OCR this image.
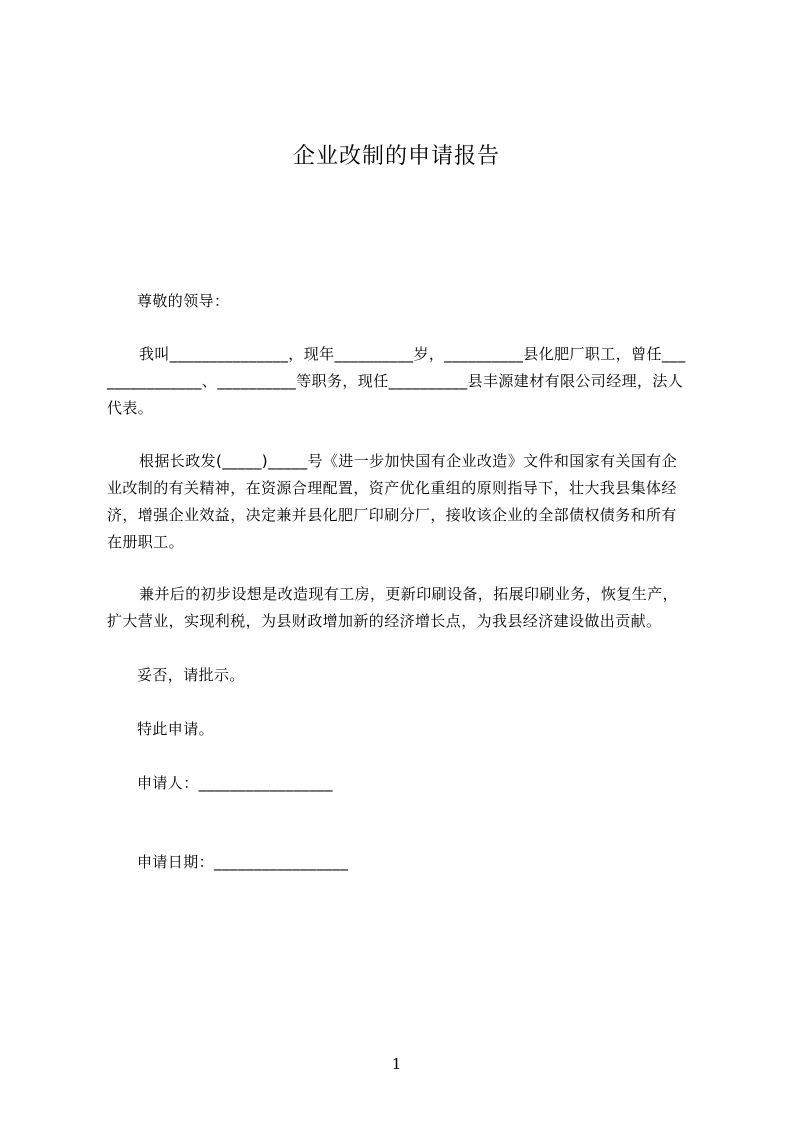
企业改制的申请报告
尊敬的领导：
我叫_______________，现年__________岁，__________县化肥厂职工，曾任___
____________、__________等职务，现任__________县丰源建材有限公司经理，法人
代表。
根据长政发(_____)_____号《进一步加快国有企业改造》文件和国家有关国有企
业改制的有关精神，在资源合理配置，资产优化重组的原则指导下，壮大我县集体经
济，增强企业效益，决定兼并县化肥厂印刷分厂，接收该企业的全部债权债务和所有
在册职工。
兼并后的初步设想是改造现有工房，更新印刷设备，拓展印刷业务，恢复生产，
扩大营业，实现利税，为县财政增加新的经济增长点，为我县经济建设做出贡献。
妥否，请批示。
特此申请。
申请人：_________________
申请日期：_________________
1
